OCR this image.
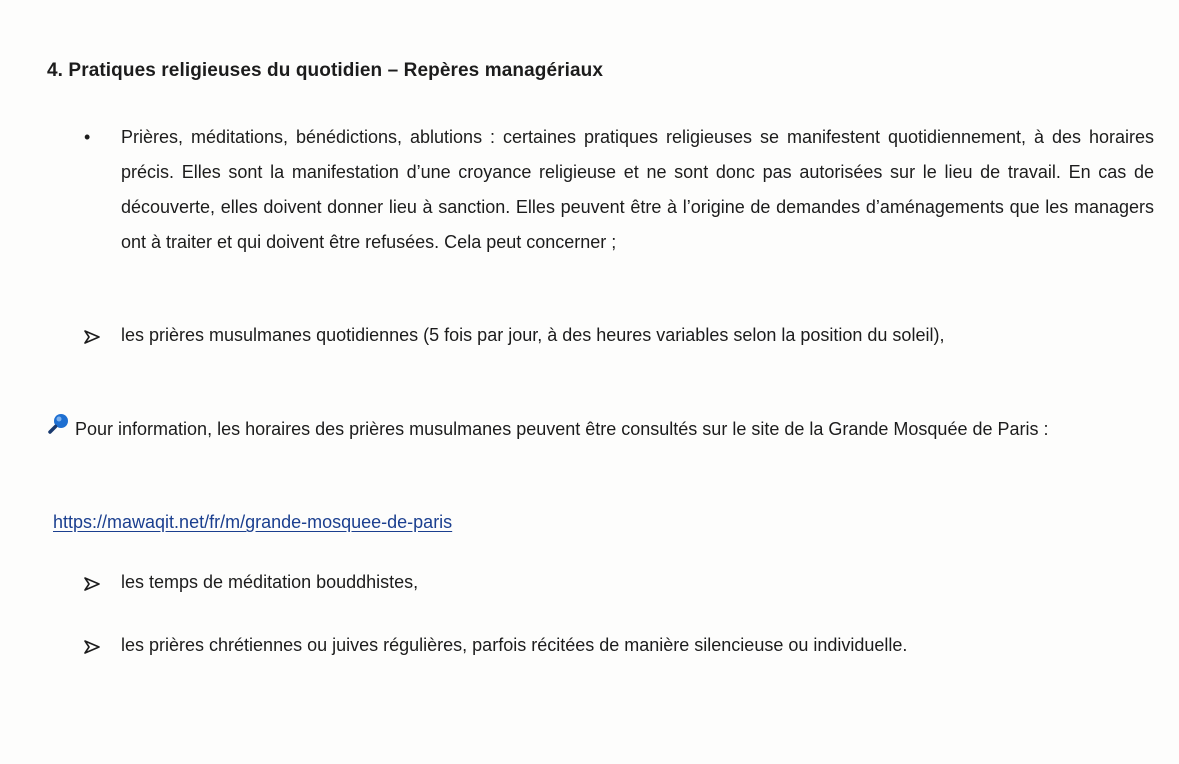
4. Pratiques religieuses du quotidien – Repères managériaux
• Prières, méditations, bénédictions, ablutions : certaines pratiques religieuses se manifestent quotidiennement, à des horaires précis. Elles sont la manifestation d’une croyance religieuse et ne sont donc pas autorisées sur le lieu de travail. En cas de découverte, elles doivent donner lieu à sanction. Elles peuvent être à l’origine de demandes d’aménagements que les managers ont à traiter et qui doivent être refusées. Cela peut concerner ;
les prières musulmanes quotidiennes (5 fois par jour, à des heures variables selon la position du soleil),
Pour information, les horaires des prières musulmanes peuvent être consultés sur le site de la Grande Mosquée de Paris :
https://mawaqit.net/fr/m/grande-mosquee-de-paris
les temps de méditation bouddhistes,
les prières chrétiennes ou juives régulières, parfois récitées de manière silencieuse ou individuelle.
